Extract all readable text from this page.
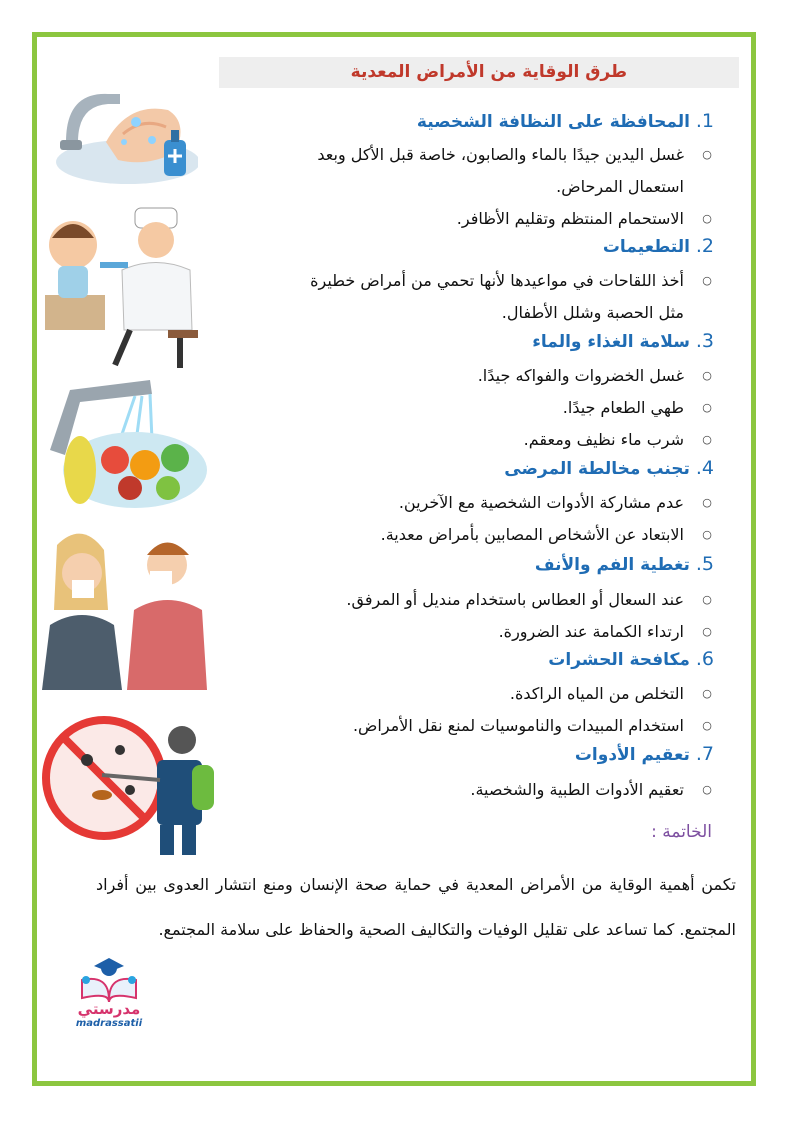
طرق الوقاية من الأمراض المعدية
1. المحافظة على النظافة الشخصية
○
غسل اليدين جيدًا بالماء والصابون، خاصة قبل الأكل وبعد استعمال المرحاض.
○
الاستحمام المنتظم وتقليم الأظافر.
2. التطعيمات
○
أخذ اللقاحات في مواعيدها لأنها تحمي من أمراض خطيرة مثل الحصبة وشلل الأطفال.
3. سلامة الغذاء والماء
○
غسل الخضروات والفواكه جيدًا.
○
طهي الطعام جيدًا.
○
شرب ماء نظيف ومعقم.
4. تجنب مخالطة المرضى
○
عدم مشاركة الأدوات الشخصية مع الآخرين.
○
الابتعاد عن الأشخاص المصابين بأمراض معدية.
5. تغطية الفم والأنف
○
عند السعال أو العطاس باستخدام منديل أو المرفق.
○
ارتداء الكمامة عند الضرورة.
6. مكافحة الحشرات
○
التخلص من المياه الراكدة.
○
استخدام المبيدات والناموسيات لمنع نقل الأمراض.
7. تعقيم الأدوات
○
تعقيم الأدوات الطبية والشخصية.
الخاتمة :
تكمن أهمية الوقاية من الأمراض المعدية في حماية صحة الإنسان ومنع انتشار العدوى بين أفراد المجتمع. كما تساعد على تقليل الوفيات والتكاليف الصحية والحفاظ على سلامة المجتمع.
مدرستي
madrassatii
